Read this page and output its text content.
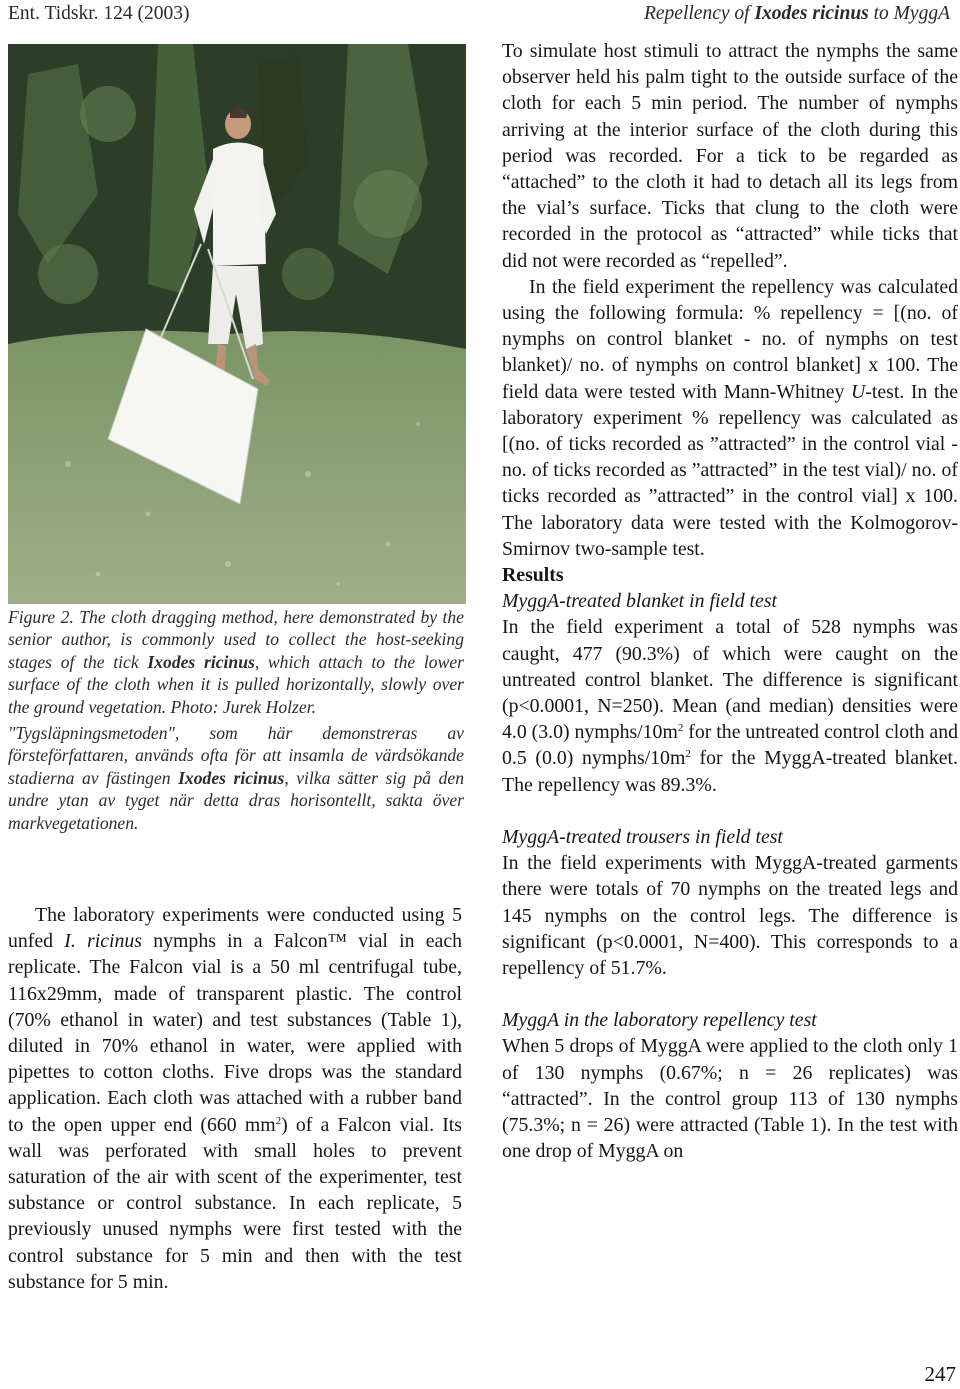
Ent. Tidskr. 124 (2003)	Repellency of Ixodes ricinus to MyggA

Figure 2. The cloth dragging method, here demonstrated by the senior author, is commonly used to collect the host-seeking stages of the tick Ixodes ricinus, which attach to the lower surface of the cloth when it is pulled horizontally, slowly over the ground vegetation. Photo: Jurek Holzer.

"Tygsläpningsmetoden", som här demonstreras av försteförfattaren, används ofta för att insamla de värdsökande stadierna av fästingen Ixodes ricinus, vilka sätter sig på den undre ytan av tyget när detta dras horisontellt, sakta över markvegetationen.

The laboratory experiments were conducted using 5 unfed I. ricinus nymphs in a Falcon™ vial in each replicate. The Falcon vial is a 50 ml centrifugal tube, 116x29mm, made of transparent plastic. The control (70% ethanol in water) and test substances (Table 1), diluted in 70% ethanol in water, were applied with pipettes to cotton cloths. Five drops was the standard application. Each cloth was attached with a rubber band to the open upper end (660 $mm^2$) of a Falcon vial. Its wall was perforated with small holes to prevent saturation of the air with scent of the experimenter, test substance or control substance. In each replicate, 5 previously unused nymphs were first tested with the control substance for 5 min and then with the test substance for 5 min.

To simulate host stimuli to attract the nymphs the same observer held his palm tight to the outside surface of the cloth for each 5 min period. The number of nymphs arriving at the interior surface of the cloth during this period was recorded. For a tick to be regarded as “attached” to the cloth it had to detach all its legs from the vial’s surface. Ticks that clung to the cloth were recorded in the protocol as “attracted” while ticks that did not were recorded as “repelled”.

In the field experiment the repellency was calculated using the following formula: % repellency = [(no. of nymphs on control blanket - no. of nymphs on test blanket)/ no. of nymphs on control blanket] x 100. The field data were tested with Mann-Whitney U-test. In the laboratory experiment % repellency was calculated as [(no. of ticks recorded as ”attracted” in the control vial - no. of ticks recorded as ”attracted” in the test vial)/ no. of ticks recorded as ”attracted” in the control vial] x 100. The laboratory data were tested with the Kolmogorov-Smirnov two-sample test.

Results

MyggA-treated blanket in field test

In the field experiment a total of 528 nymphs was caught, 477 (90.3%) of which were caught on the untreated control blanket. The difference is significant (p<0.0001, N=250). Mean (and median) densities were 4.0 (3.0) nymphs/$10m^2$ for the untreated control cloth and 0.5 (0.0) nymphs/$10m^2$ for the MyggA-treated blanket. The repellency was 89.3%.

MyggA-treated trousers in field test

In the field experiments with MyggA-treated garments there were totals of 70 nymphs on the treated legs and 145 nymphs on the control legs. The difference is significant (p<0.0001, N=400). This corresponds to a repellency of 51.7%.

MyggA in the laboratory repellency test

When 5 drops of MyggA were applied to the cloth only 1 of 130 nymphs (0.67%; n = 26 replicates) was “attracted”. In the control group 113 of 130 nymphs (75.3%; n = 26) were attracted (Table 1). In the test with one drop of MyggA on

247
